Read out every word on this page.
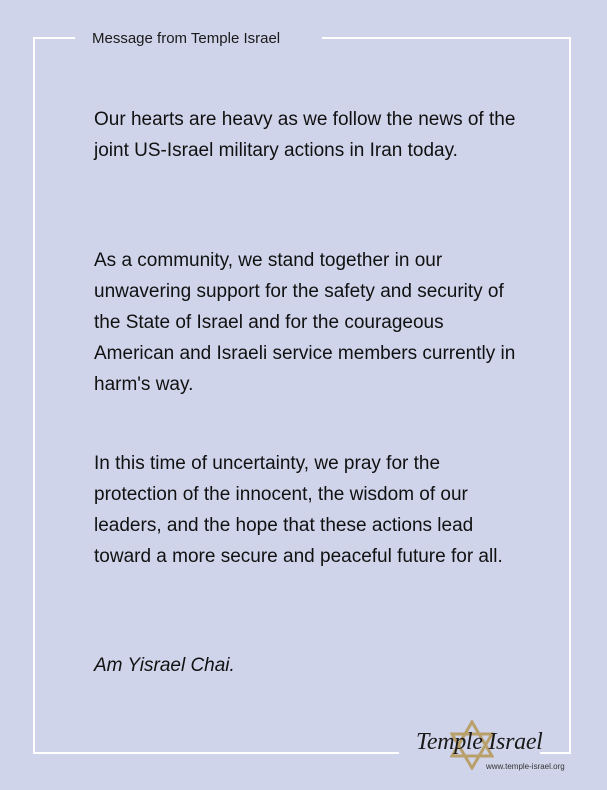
Message from Temple Israel

Our hearts are heavy as we follow the news of the joint US-Israel military actions in Iran today.

As a community, we stand together in our unwavering support for the safety and security of the State of Israel and for the courageous American and Israeli service members currently in harm's way.

In this time of uncertainty, we pray for the protection of the innocent, the wisdom of our leaders, and the hope that these actions lead toward a more secure and peaceful future for all.

Am Yisrael Chai.

Temple Israel
www.temple-israel.org
